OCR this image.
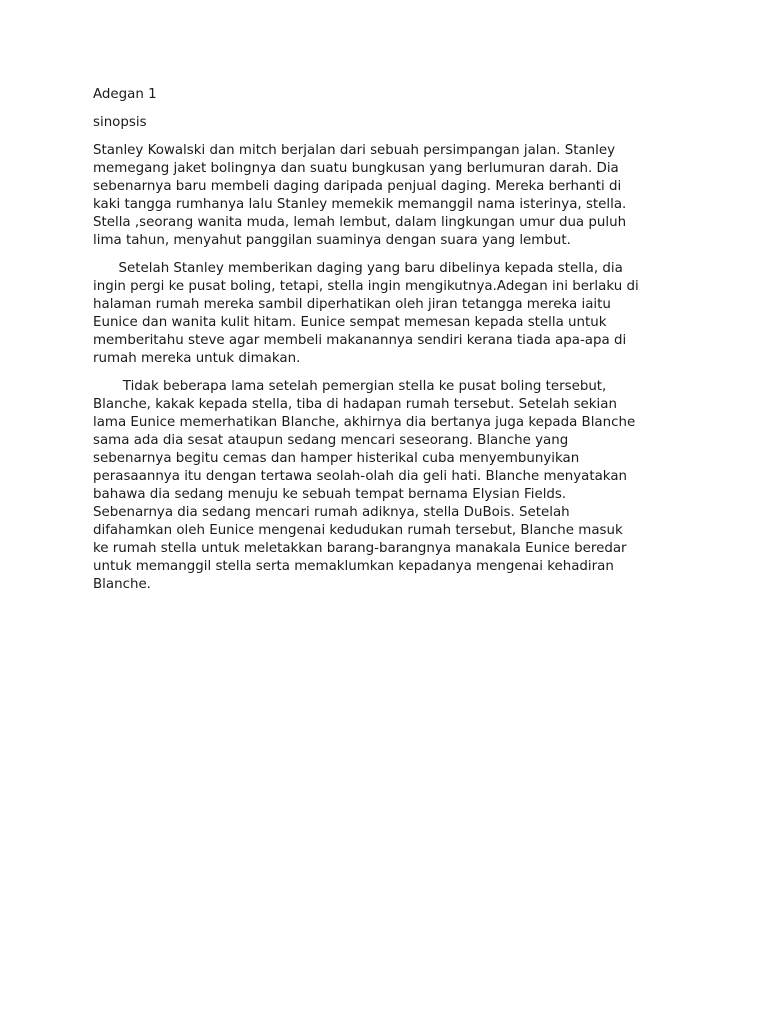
Adegan 1

sinopsis

Stanley Kowalski dan mitch berjalan dari sebuah persimpangan jalan. Stanley

memegang jaket bolingnya dan suatu bungkusan yang berlumuran darah. Dia

sebenarnya baru membeli daging daripada penjual daging. Mereka berhanti di

kaki tangga rumhanya lalu Stanley memekik memanggil nama isterinya, stella.

Stella ,seorang wanita muda, lemah lembut, dalam lingkungan umur dua puluh

lima tahun, menyahut panggilan suaminya dengan suara yang lembut.

Setelah Stanley memberikan daging yang baru dibelinya kepada stella, dia

ingin pergi ke pusat boling, tetapi, stella ingin mengikutnya.Adegan ini berlaku di

halaman rumah mereka sambil diperhatikan oleh jiran tetangga mereka iaitu

Eunice dan wanita kulit hitam. Eunice sempat memesan kepada stella untuk

memberitahu steve agar membeli makanannya sendiri kerana tiada apa-apa di

rumah mereka untuk dimakan.

Tidak beberapa lama setelah pemergian stella ke pusat boling tersebut,

Blanche, kakak kepada stella, tiba di hadapan rumah tersebut. Setelah sekian

lama Eunice memerhatikan Blanche, akhirnya dia bertanya juga kepada Blanche

sama ada dia sesat ataupun sedang mencari seseorang. Blanche yang

sebenarnya begitu cemas dan hamper histerikal cuba menyembunyikan

perasaannya itu dengan tertawa seolah-olah dia geli hati. Blanche menyatakan

bahawa dia sedang menuju ke sebuah tempat bernama Elysian Fields.

Sebenarnya dia sedang mencari rumah adiknya, stella DuBois. Setelah

difahamkan oleh Eunice mengenai kedudukan rumah tersebut, Blanche masuk

ke rumah stella untuk meletakkan barang-barangnya manakala Eunice beredar

untuk memanggil stella serta memaklumkan kepadanya mengenai kehadiran

Blanche.
